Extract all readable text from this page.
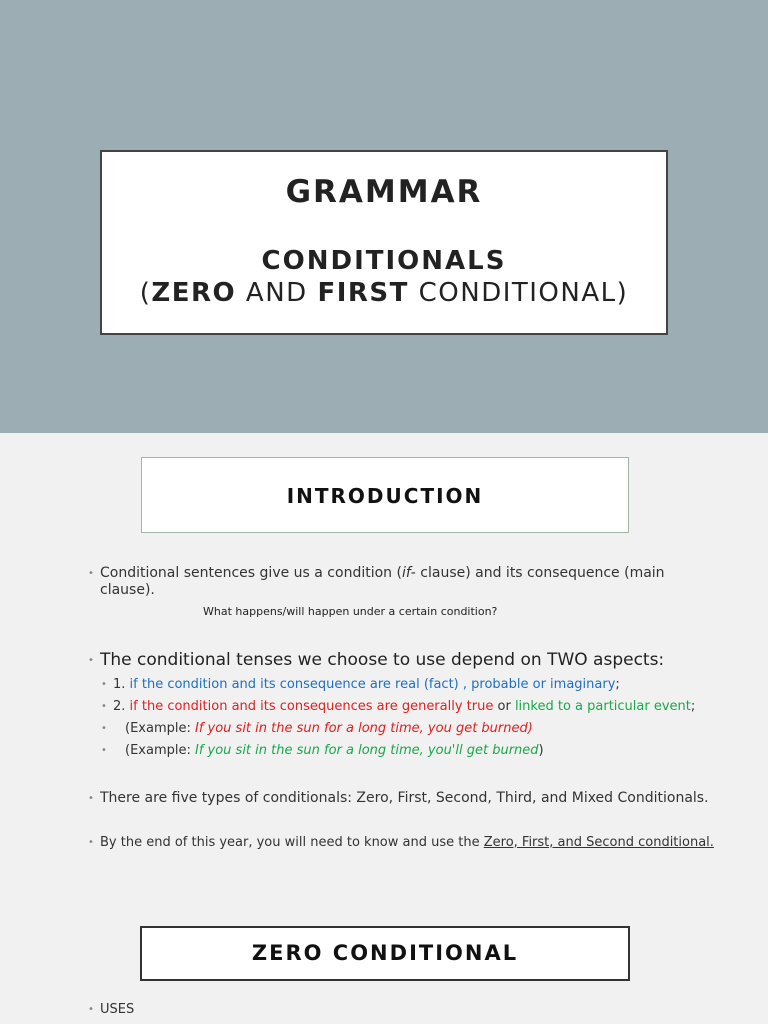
GRAMMAR
CONDITIONALS
(ZERO AND FIRST CONDITIONAL)
INTRODUCTION
• Conditional sentences give us a condition (if- clause) and its consequence (main clause).
What happens/will happen under a certain condition?
• The conditional tenses we choose to use depend on TWO aspects:
• 1. if the condition and its consequence are real (fact) , probable or imaginary;
• 2. if the condition and its consequences are generally true or linked to a particular event;
• (Example: If you sit in the sun for a long time, you get burned)
• (Example: If you sit in the sun for a long time, you'll get burned)
• There are five types of conditionals: Zero, First, Second, Third, and Mixed Conditionals.
• By the end of this year, you will need to know and use the Zero, First, and Second conditional.
ZERO CONDITIONAL
• USES
